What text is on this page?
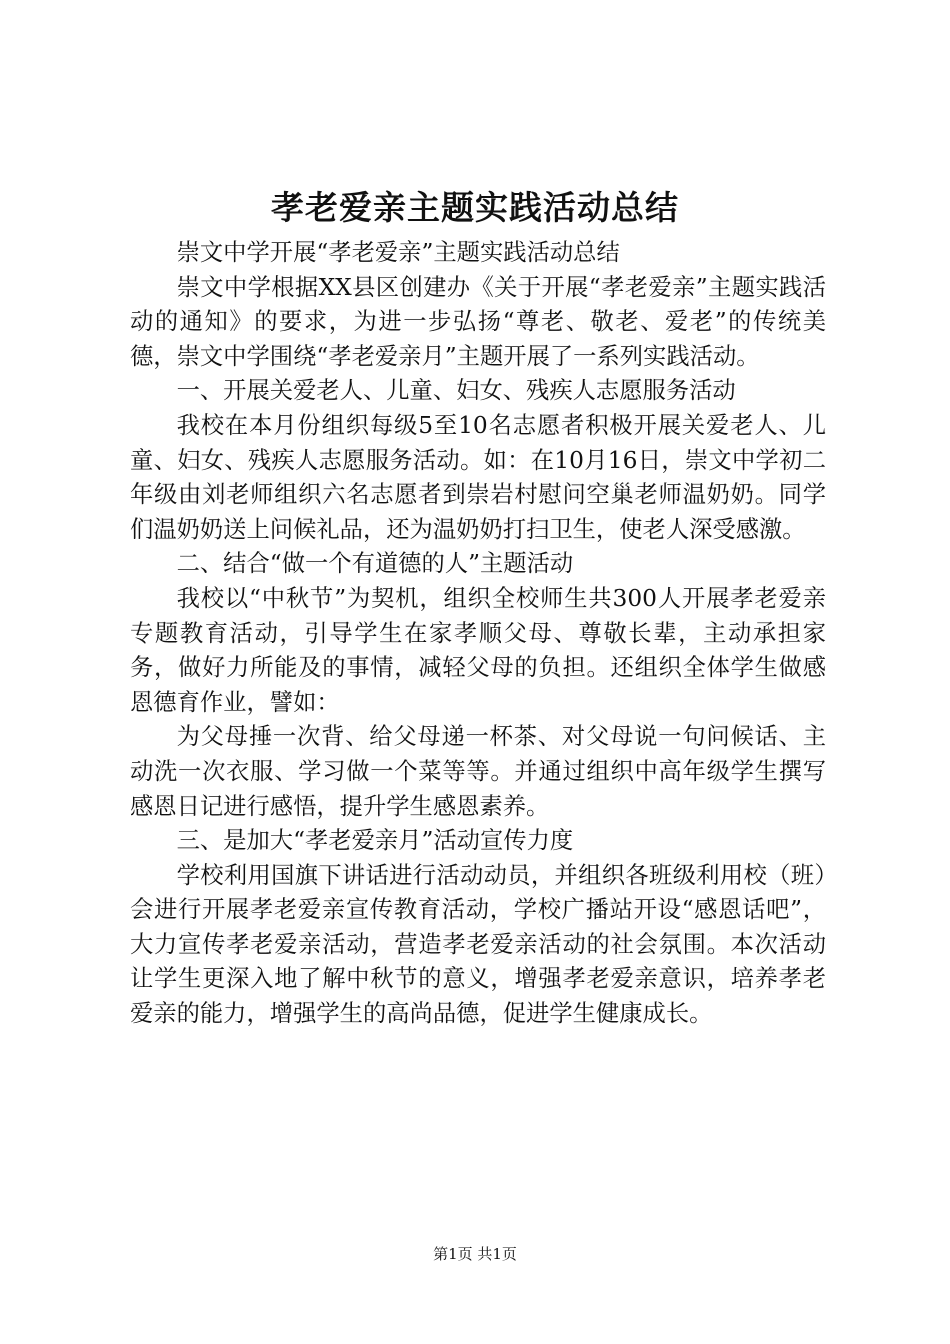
孝老爱亲主题实践活动总结

崇文中学开展“孝老爱亲”主题实践活动总结

崇文中学根据XX县区创建办《关于开展“孝老爱亲”主题实践活动的通知》的要求，为进一步弘扬“尊老、敬老、爱老”的传统美德，崇文中学围绕“孝老爱亲月”主题开展了一系列实践活动。

一、开展关爱老人、儿童、妇女、残疾人志愿服务活动

我校在本月份组织每级5至10名志愿者积极开展关爱老人、儿童、妇女、残疾人志愿服务活动。如：在10月16日，崇文中学初二年级由刘老师组织六名志愿者到崇岩村慰问空巢老师温奶奶。同学们温奶奶送上问候礼品，还为温奶奶打扫卫生，使老人深受感激。

二、结合“做一个有道德的人”主题活动

我校以“中秋节”为契机，组织全校师生共300人开展孝老爱亲专题教育活动，引导学生在家孝顺父母、尊敬长辈，主动承担家务，做好力所能及的事情，减轻父母的负担。还组织全体学生做感恩德育作业，譬如：

为父母捶一次背、给父母递一杯茶、对父母说一句问候话、主动洗一次衣服、学习做一个菜等等。并通过组织中高年级学生撰写感恩日记进行感悟，提升学生感恩素养。

三、是加大“孝老爱亲月”活动宣传力度

学校利用国旗下讲话进行活动动员，并组织各班级利用校（班）会进行开展孝老爱亲宣传教育活动，学校广播站开设“感恩话吧”，大力宣传孝老爱亲活动，营造孝老爱亲活动的社会氛围。本次活动让学生更深入地了解中秋节的意义，增强孝老爱亲意识，培养孝老爱亲的能力，增强学生的高尚品德，促进学生健康成长。

第1页 共1页
